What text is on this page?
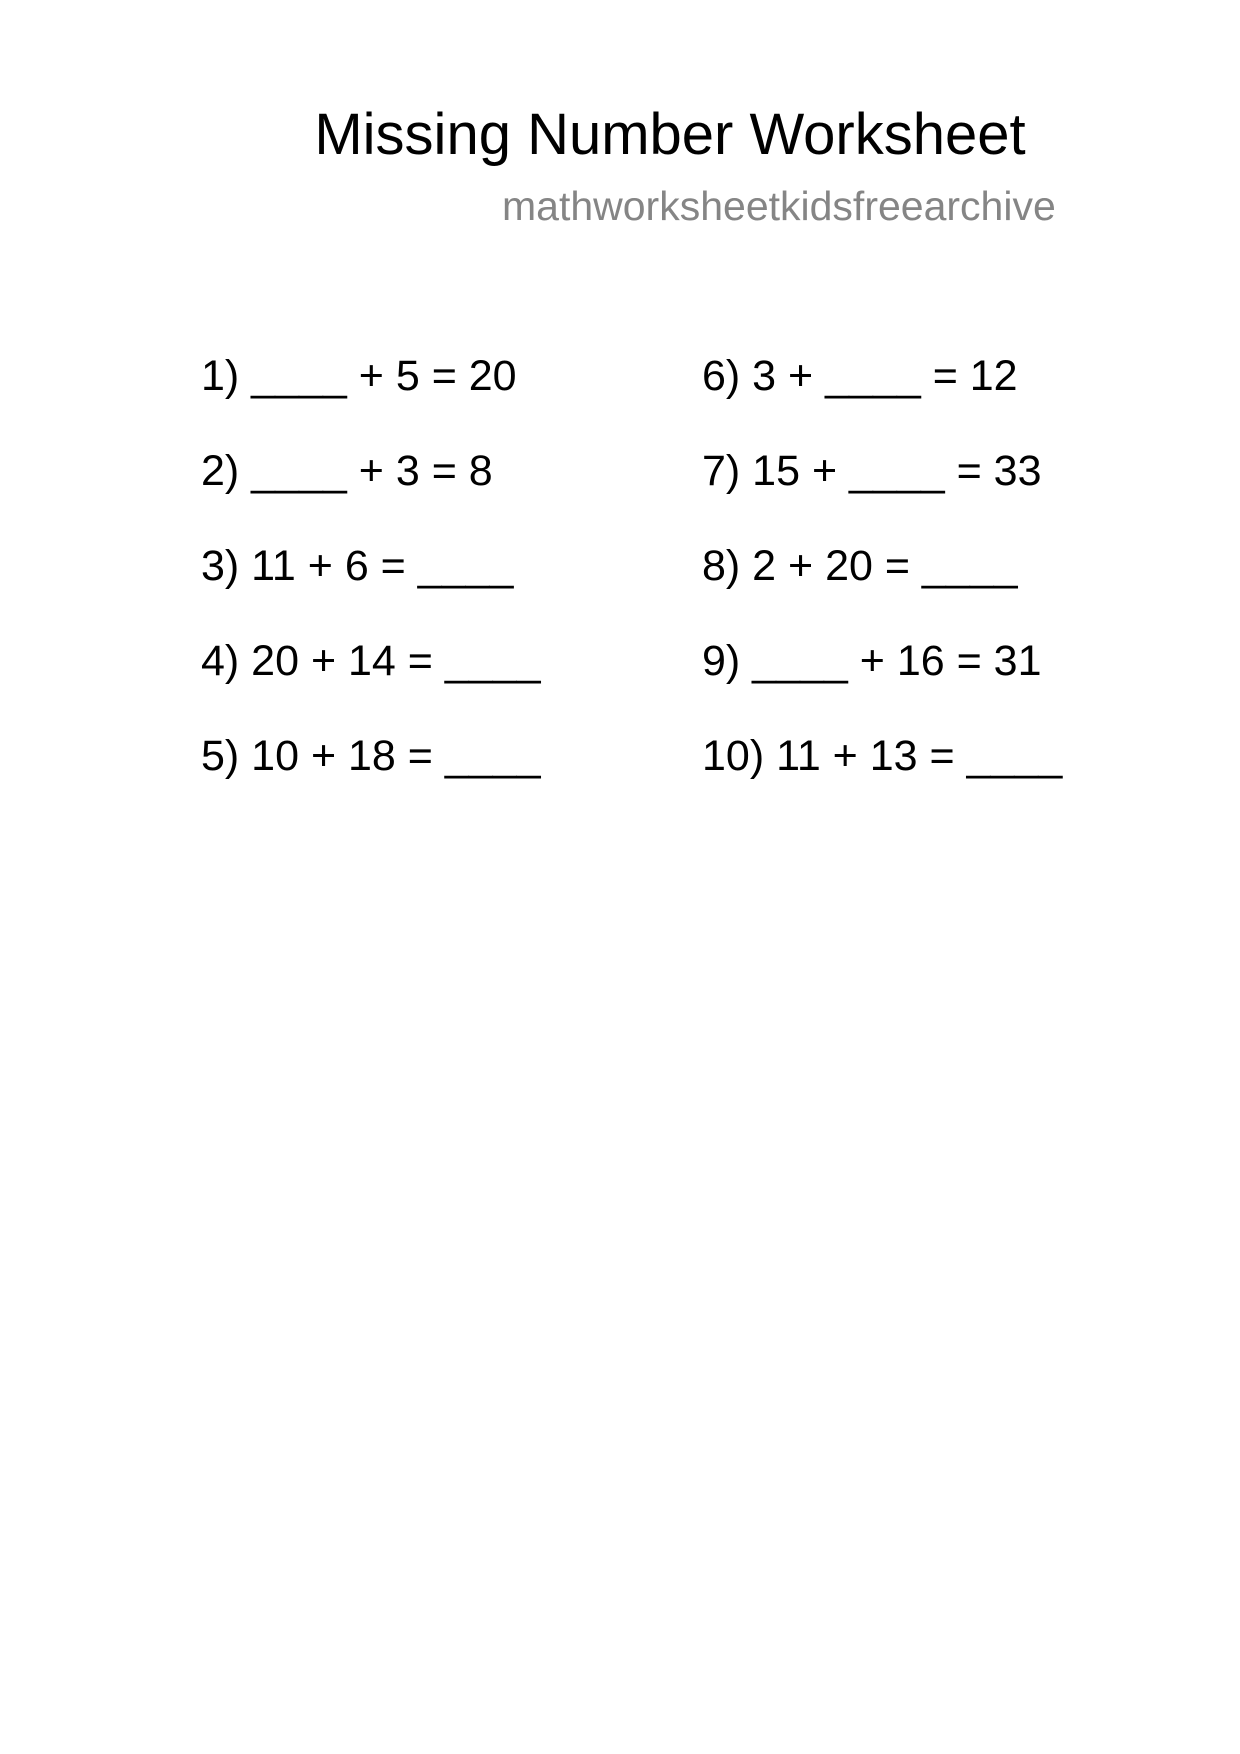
Missing Number Worksheet
mathworksheetkidsfreearchive
1) ____ + 5 = 20
2) ____ + 3 = 8
3) 11 + 6 = ____
4) 20 + 14 = ____
5) 10 + 18 = ____
6) 3 + ____ = 12
7) 15 + ____ = 33
8) 2 + 20 = ____
9) ____ + 16 = 31
10) 11 + 13 = ____
